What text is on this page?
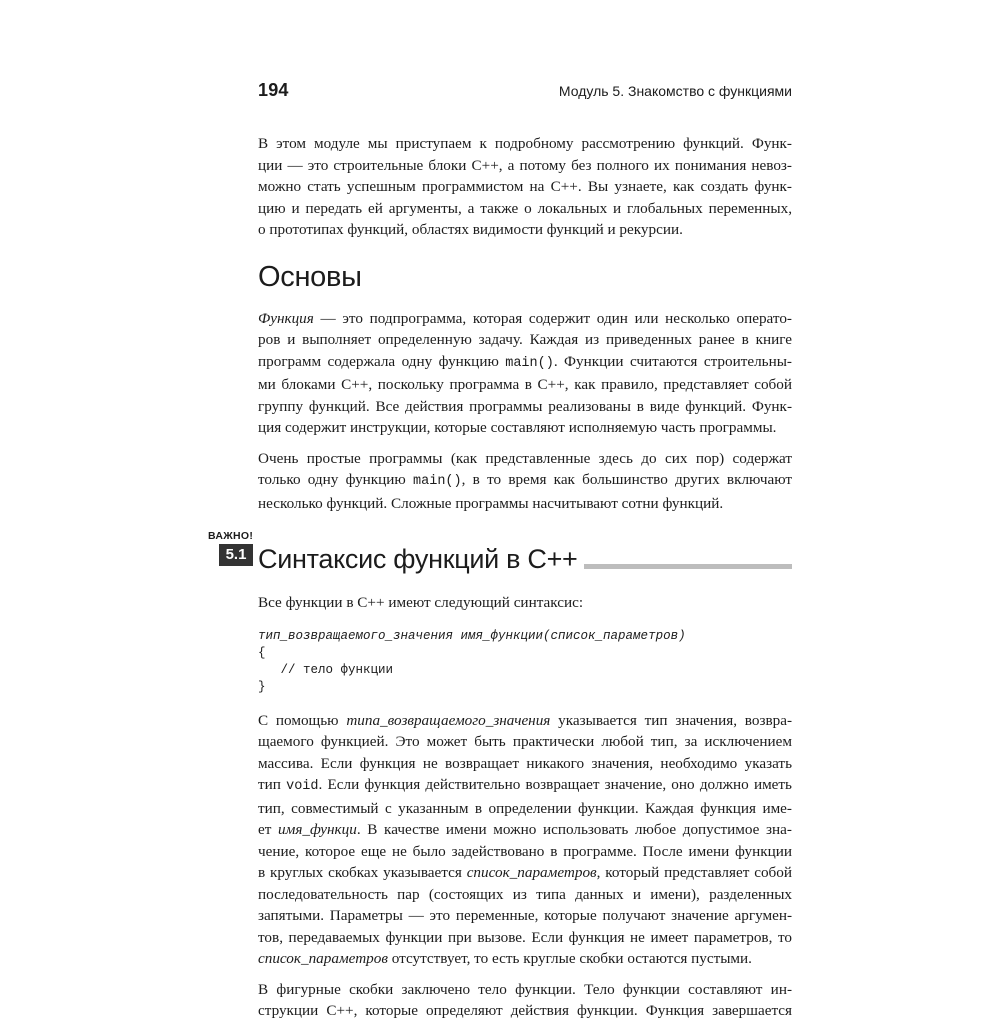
194	Модуль 5. Знакомство с функциями

В этом модуле мы приступаем к подробному рассмотрению функций. Функ-
ции — это строительные блоки С++, а потому без полного их понимания невоз-
можно стать успешным программистом на С++. Вы узнаете, как создать функ-
цию и передать ей аргументы, а также о локальных и глобальных переменных,
о прототипах функций, областях видимости функций и рекурсии.

Основы

Функция — это подпрограмма, которая содержит один или несколько операто-
ров и выполняет определенную задачу. Каждая из приведенных ранее в книге
программ содержала одну функцию main(). Функции считаются строительны-
ми блоками С++, поскольку программа в С++, как правило, представляет собой
группу функций. Все действия программы реализованы в виде функций. Функ-
ция содержит инструкции, которые составляют исполняемую часть программы.

Очень простые программы (как представленные здесь до сих пор) содержат
только одну функцию main(), в то время как большинство других включают
несколько функций. Сложные программы насчитывают сотни функций.

ВАЖНО!
5.1 Синтаксис функций в С++

Все функции в С++ имеют следующий синтаксис:

тип_возвращаемого_значения имя_функции(список_параметров)
{
// тело функции
}

С помощью типа_возвращаемого_значения указывается тип значения, возвра-
щаемого функцией. Это может быть практически любой тип, за исключением
массива. Если функция не возвращает никакого значения, необходимо указать
тип void. Если функция действительно возвращает значение, оно должно иметь
тип, совместимый с указанным в определении функции. Каждая функция име-
ет имя_функци. В качестве имени можно использовать любое допустимое зна-
чение, которое еще не было задействовано в программе. После имени функции
в круглых скобках указывается список_параметров, который представляет собой
последовательность пар (состоящих из типа данных и имени), разделенных
запятыми. Параметры — это переменные, которые получают значение аргумен-
тов, передаваемых функции при вызове. Если функция не имеет параметров, то
список_параметров отсутствует, то есть круглые скобки остаются пустыми.

В фигурные скобки заключено тело функции. Тело функции составляют ин-
струкции С++, которые определяют действия функции. Функция завершается
